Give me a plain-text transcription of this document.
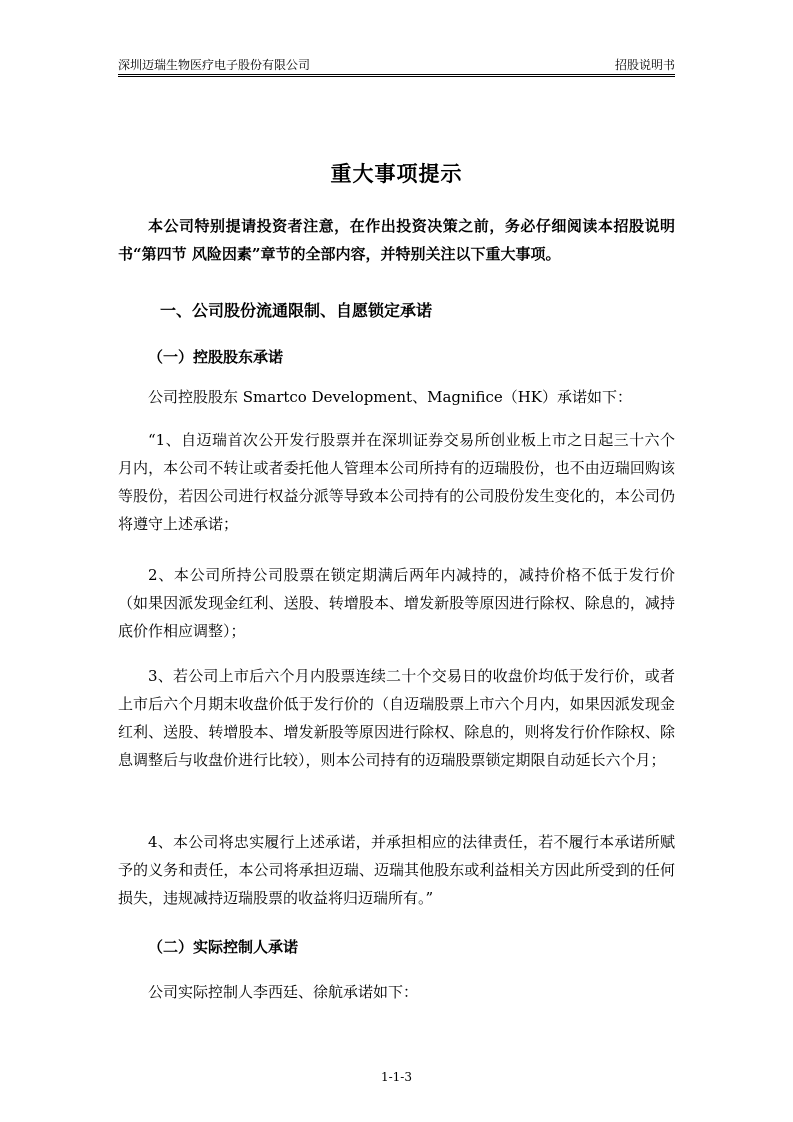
深圳迈瑞生物医疗电子股份有限公司	招股说明书
重大事项提示
本公司特别提请投资者注意，在作出投资决策之前，务必仔细阅读本招股说明书“第四节 风险因素”章节的全部内容，并特别关注以下重大事项。
一、公司股份流通限制、自愿锁定承诺
（一）控股股东承诺
公司控股股东 Smartco Development、Magnifice（HK）承诺如下：
“1、自迈瑞首次公开发行股票并在深圳证券交易所创业板上市之日起三十六个月内，本公司不转让或者委托他人管理本公司所持有的迈瑞股份，也不由迈瑞回购该等股份，若因公司进行权益分派等导致本公司持有的公司股份发生变化的，本公司仍将遵守上述承诺；
2、本公司所持公司股票在锁定期满后两年内减持的，减持价格不低于发行价（如果因派发现金红利、送股、转增股本、增发新股等原因进行除权、除息的，减持底价作相应调整）；
3、若公司上市后六个月内股票连续二十个交易日的收盘价均低于发行价，或者上市后六个月期末收盘价低于发行价的（自迈瑞股票上市六个月内，如果因派发现金红利、送股、转增股本、增发新股等原因进行除权、除息的，则将发行价作除权、除息调整后与收盘价进行比较），则本公司持有的迈瑞股票锁定期限自动延长六个月；
4、本公司将忠实履行上述承诺，并承担相应的法律责任，若不履行本承诺所赋予的义务和责任，本公司将承担迈瑞、迈瑞其他股东或利益相关方因此所受到的任何损失，违规减持迈瑞股票的收益将归迈瑞所有。”
（二）实际控制人承诺
公司实际控制人李西廷、徐航承诺如下：
1-1-3
